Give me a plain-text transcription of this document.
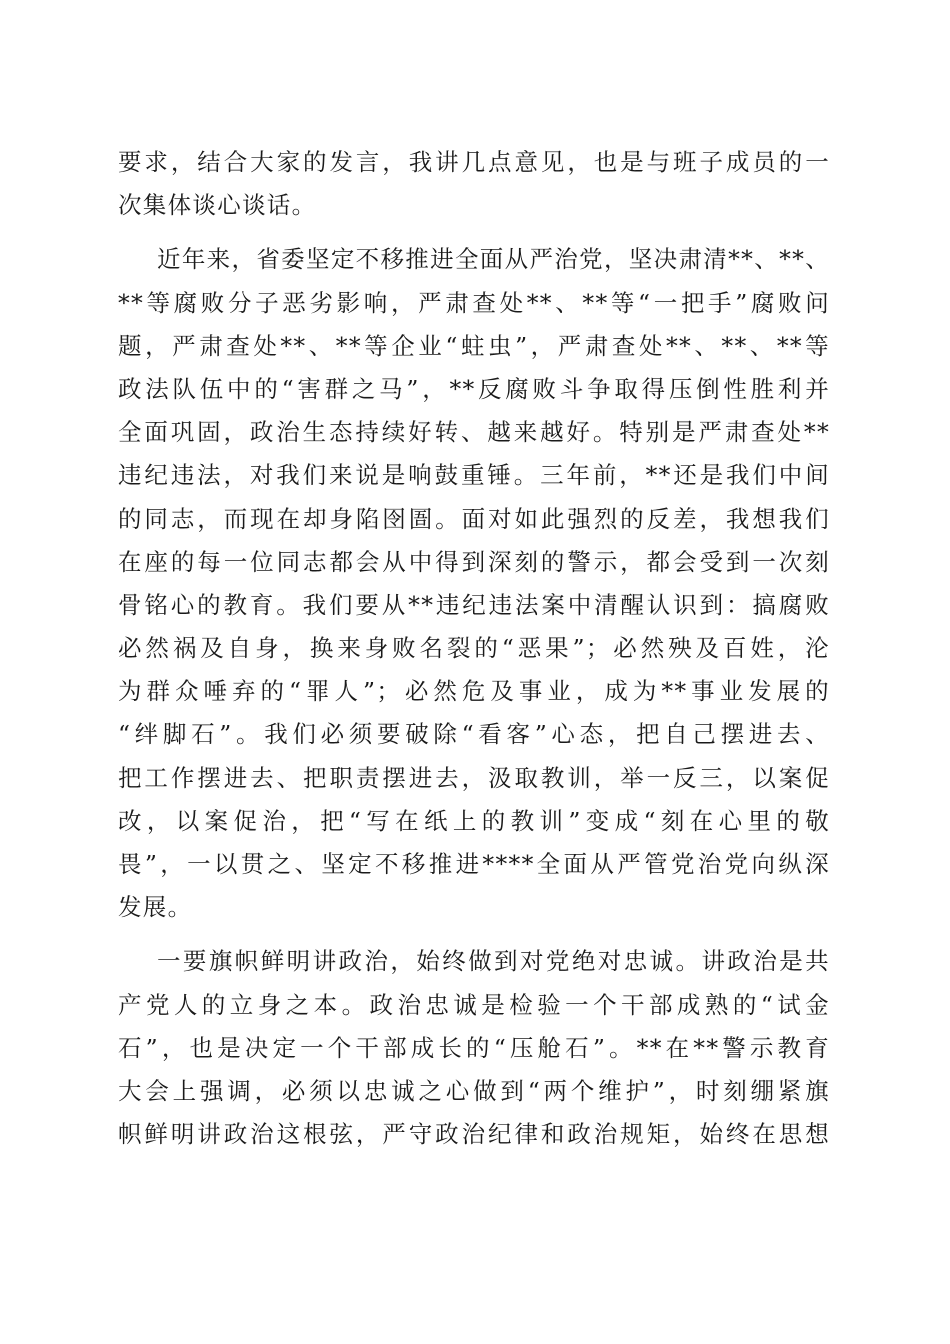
要求，结合大家的发言，我讲几点意见，也是与班子成员的一
次集体谈心谈话。
近年来，省委坚定不移推进全面从严治党，坚决肃清**、**、
**等腐败分子恶劣影响，严肃查处**、**等“一把手”腐败问
题，严肃查处**、**等企业“蛀虫”，严肃查处**、**、**等
政法队伍中的“害群之马”，**反腐败斗争取得压倒性胜利并
全面巩固，政治生态持续好转、越来越好。特别是严肃查处**
违纪违法，对我们来说是响鼓重锤。三年前，**还是我们中间
的同志，而现在却身陷囹圄。面对如此强烈的反差，我想我们
在座的每一位同志都会从中得到深刻的警示，都会受到一次刻
骨铭心的教育。我们要从**违纪违法案中清醒认识到：搞腐败
必然祸及自身，换来身败名裂的“恶果”；必然殃及百姓，沦
为群众唾弃的“罪人”；必然危及事业，成为**事业发展的
“绊脚石”。我们必须要破除“看客”心态，把自己摆进去、
把工作摆进去、把职责摆进去，汲取教训，举一反三，以案促
改，以案促治，把“写在纸上的教训”变成“刻在心里的敬
畏”，一以贯之、坚定不移推进****全面从严管党治党向纵深
发展。
一要旗帜鲜明讲政治，始终做到对党绝对忠诚。讲政治是共
产党人的立身之本。政治忠诚是检验一个干部成熟的“试金
石”，也是决定一个干部成长的“压舱石”。**在**警示教育
大会上强调，必须以忠诚之心做到“两个维护”，时刻绷紧旗
帜鲜明讲政治这根弦，严守政治纪律和政治规矩，始终在思想
